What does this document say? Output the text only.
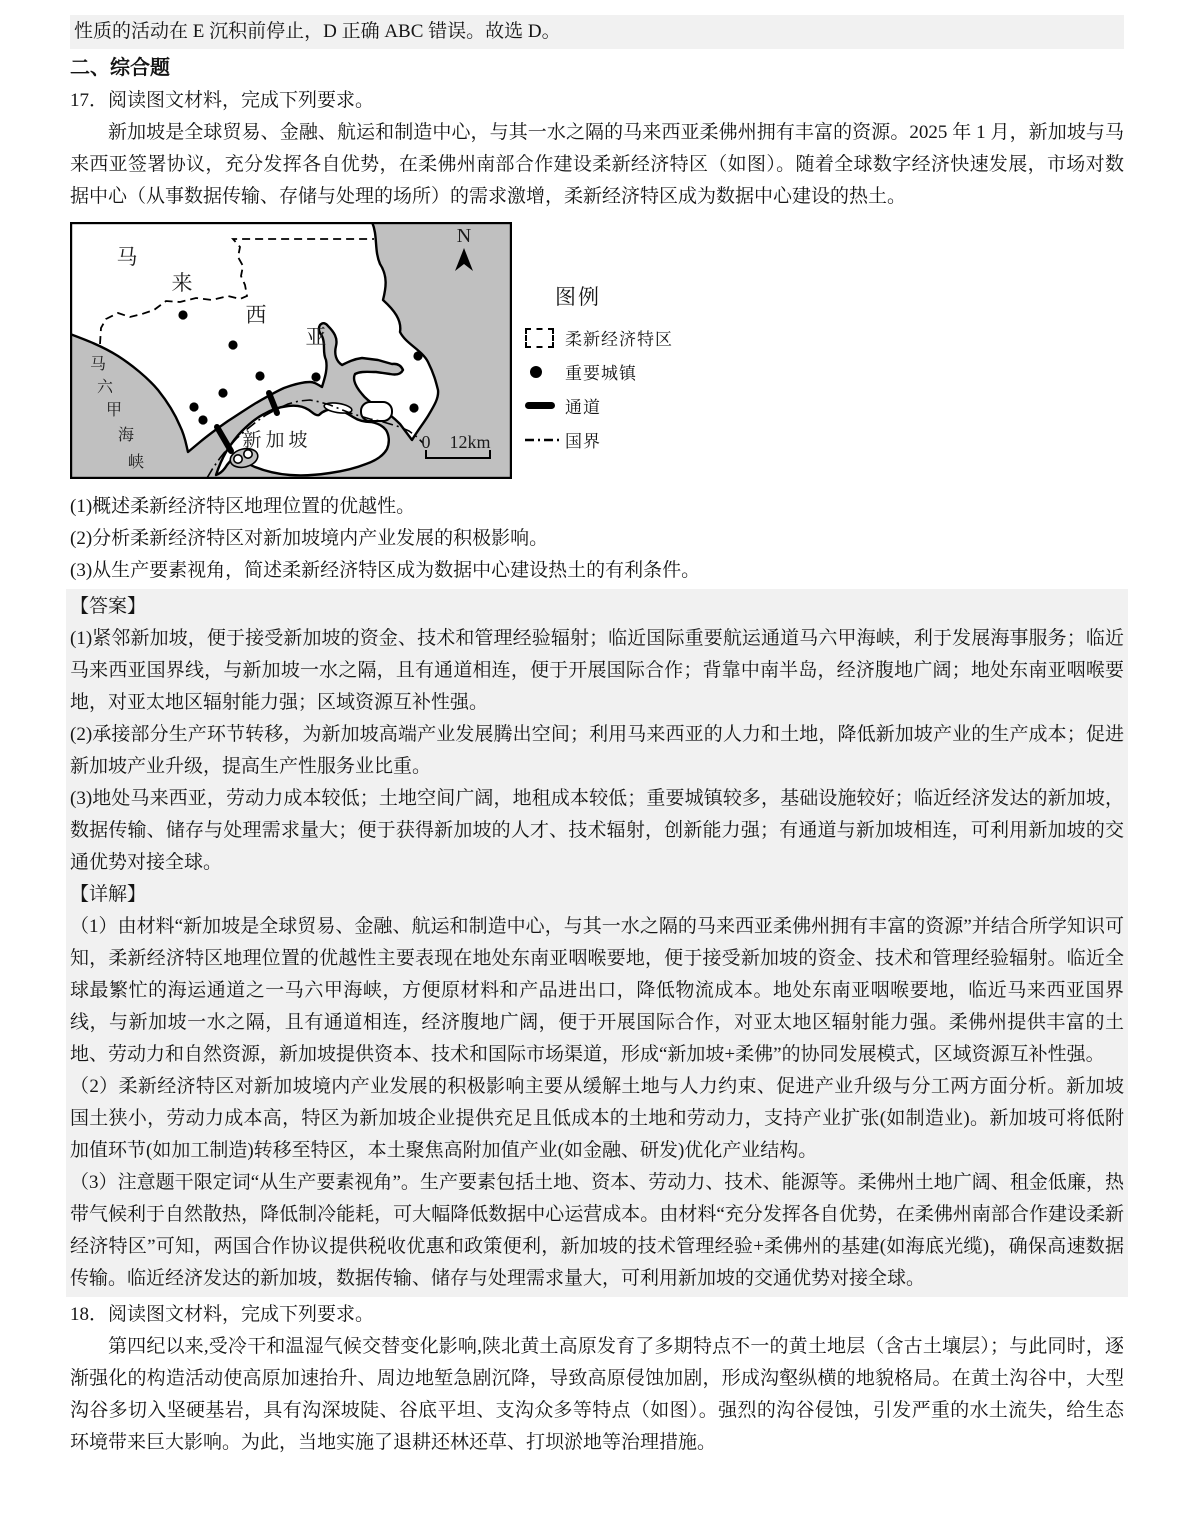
性质的活动在 E 沉积前停止，D 正确 ABC 错误。故选 D。

二、综合题

17．阅读图文材料，完成下列要求。

新加坡是全球贸易、金融、航运和制造中心，与其一水之隔的马来西亚柔佛州拥有丰富的资源。2025 年 1 月，新加坡与马来西亚签署协议，充分发挥各自优势，在柔佛州南部合作建设柔新经济特区（如图）。随着全球数字经济快速发展，市场对数据中心（从事数据传输、存储与处理的场所）的需求激增，柔新经济特区成为数据中心建设的热土。

马
来
西
亚
马
六
甲
海
峡
新加坡
N
0 12km
图例
柔新经济特区
重要城镇
通道
国界

(1)概述柔新经济特区地理位置的优越性。

(2)分析柔新经济特区对新加坡境内产业发展的积极影响。

(3)从生产要素视角，简述柔新经济特区成为数据中心建设热土的有利条件。

【答案】

(1)紧邻新加坡，便于接受新加坡的资金、技术和管理经验辐射；临近国际重要航运通道马六甲海峡，利于发展海事服务；临近马来西亚国界线，与新加坡一水之隔，且有通道相连，便于开展国际合作；背靠中南半岛，经济腹地广阔；地处东南亚咽喉要地，对亚太地区辐射能力强；区域资源互补性强。

(2)承接部分生产环节转移，为新加坡高端产业发展腾出空间；利用马来西亚的人力和土地，降低新加坡产业的生产成本；促进新加坡产业升级，提高生产性服务业比重。

(3)地处马来西亚，劳动力成本较低；土地空间广阔，地租成本较低；重要城镇较多，基础设施较好；临近经济发达的新加坡，数据传输、储存与处理需求量大；便于获得新加坡的人才、技术辐射，创新能力强；有通道与新加坡相连，可利用新加坡的交通优势对接全球。

【详解】

（1）由材料“新加坡是全球贸易、金融、航运和制造中心，与其一水之隔的马来西亚柔佛州拥有丰富的资源”并结合所学知识可知，柔新经济特区地理位置的优越性主要表现在地处东南亚咽喉要地，便于接受新加坡的资金、技术和管理经验辐射。临近全球最繁忙的海运通道之一马六甲海峡，方便原材料和产品进出口，降低物流成本。地处东南亚咽喉要地，临近马来西亚国界线，与新加坡一水之隔，且有通道相连，经济腹地广阔，便于开展国际合作，对亚太地区辐射能力强。柔佛州提供丰富的土地、劳动力和自然资源，新加坡提供资本、技术和国际市场渠道，形成“新加坡+柔佛”的协同发展模式，区域资源互补性强。

（2）柔新经济特区对新加坡境内产业发展的积极影响主要从缓解土地与人力约束、促进产业升级与分工两方面分析。新加坡国土狭小，劳动力成本高，特区为新加坡企业提供充足且低成本的土地和劳动力，支持产业扩张(如制造业)。新加坡可将低附加值环节(如加工制造)转移至特区，本土聚焦高附加值产业(如金融、研发)优化产业结构。

（3）注意题干限定词“从生产要素视角”。生产要素包括土地、资本、劳动力、技术、能源等。柔佛州土地广阔、租金低廉，热带气候利于自然散热，降低制冷能耗，可大幅降低数据中心运营成本。由材料“充分发挥各自优势，在柔佛州南部合作建设柔新经济特区”可知，两国合作协议提供税收优惠和政策便利，新加坡的技术管理经验+柔佛州的基建(如海底光缆)，确保高速数据传输。临近经济发达的新加坡，数据传输、储存与处理需求量大，可利用新加坡的交通优势对接全球。

18．阅读图文材料，完成下列要求。

第四纪以来,受冷干和温湿气候交替变化影响,陕北黄土高原发育了多期特点不一的黄土地层（含古土壤层）；与此同时，逐渐强化的构造活动使高原加速抬升、周边地堑急剧沉降，导致高原侵蚀加剧，形成沟壑纵横的地貌格局。在黄土沟谷中，大型沟谷多切入坚硬基岩，具有沟深坡陡、谷底平坦、支沟众多等特点（如图）。强烈的沟谷侵蚀，引发严重的水土流失，给生态环境带来巨大影响。为此，当地实施了退耕还林还草、打坝淤地等治理措施。
